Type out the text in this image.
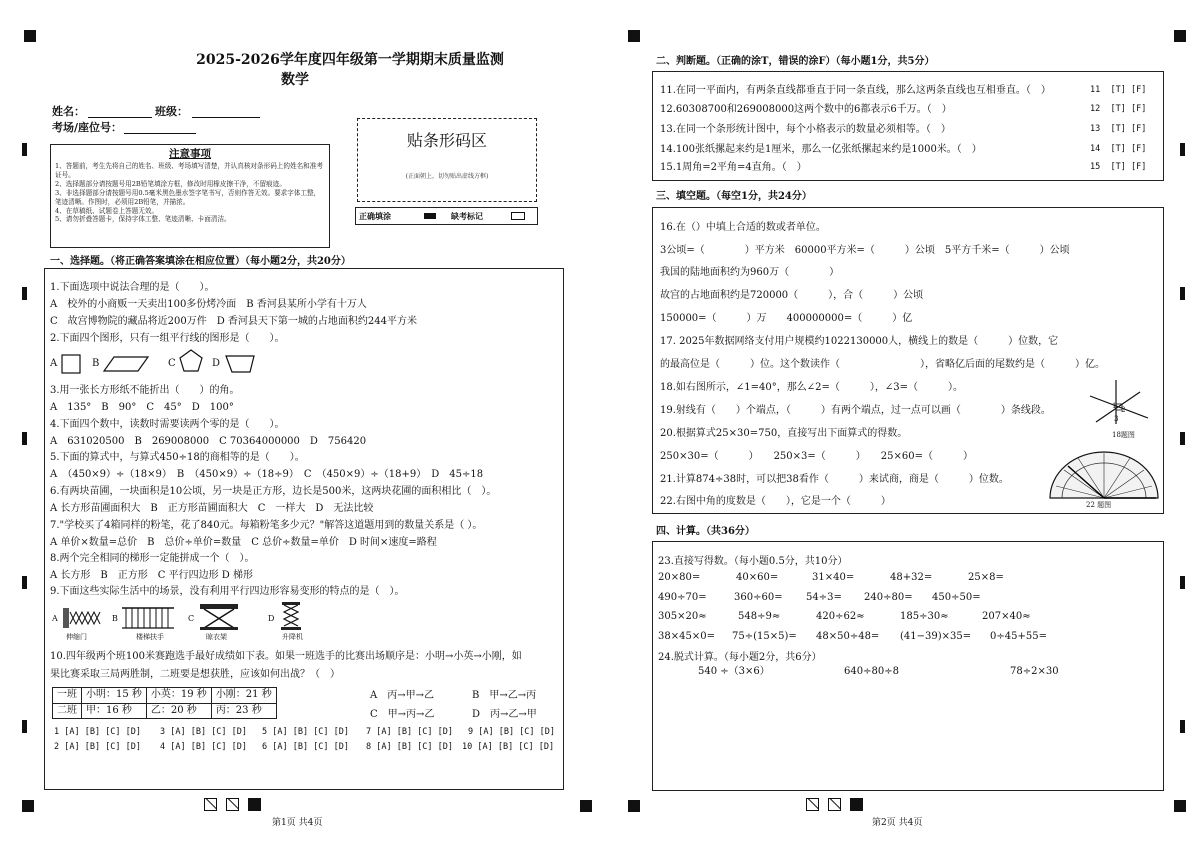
2025-2026学年度四年级第一学期期末质量监测
数学
姓名：	班级：
考场/座位号：
注意事项
1、答题前，考生先将自己的姓名、班级、考场填写清楚，并认真核对条形码上的姓名和准考证号。
2、选择题部分请按题号用2B铅笔填涂方框，修改时用橡皮擦干净，不留痕迹。
3、非选择题部分请按题号用0.5毫米黑色墨水签字笔书写，否则作答无效。要求字体工整，笔迹清晰。作图时，必须用2B铅笔，并描浓。
4、在草稿纸、试题卷上答题无效。
5、请勿折叠答题卡，保持字体工整、笔迹清晰、卡面清洁。
贴条形码区
(正面朝上，切勿贴出虚线方框)
正确填涂	缺考标记
一、选择题。（将正确答案填涂在相应位置）（每小题2分，共20分）
1.下面选项中说法合理的是（　　）。
A　校外的小商贩一天卖出100多份烤冷面　B 香河县某所小学有十万人
C　故宫博物院的藏品将近200万件　D 香河县天下第一城的占地面积约244平方米
2.下面四个图形，只有一组平行线的图形是（　　）。
A	B	C	D
3.用一张长方形纸不能折出（　　）的角。
A　135°　B　90°　C　45°　D　100°
4.下面四个数中，读数时需要读两个零的是（　　）。
A　631020500　B　269008000　C 70364000000　D　756420
5.下面的算式中，与算式450÷18的商相等的是（　　）。
A　（450×9）÷（18×9）　B　（450×9）÷（18÷9）　C　（450×9）÷（18+9）　D　45÷18
6.有两块苗圃，一块面积是10公顷，另一块是正方形，边长是500米，这两块花圃的面积相比（　）。
A 长方形苗圃面积大　B　正方形苗圃面积大　C　一样大　D　无法比较
7."学校买了4箱同样的粉笔，花了840元。每箱粉笔多少元？"解答这道题用到的数量关系是（ ）。
A 单价×数量=总价　B　总价÷单价=数量　C 总价÷数量=单价　D 时间×速度=路程
8.两个完全相同的梯形一定能拼成一个（　）。
A 长方形　B　正方形　C 平行四边形 D 梯形
9.下面这些实际生活中的场景，没有利用平行四边形容易变形的特点的是（　）。
A
伸缩门
B
楼梯扶手
C
晾衣架
D
升降机
10.四年级两个班100米赛跑选手最好成绩如下表。如果一班选手的比赛出场顺序是：小明→小英→小刚，如
果比赛采取三局两胜制，二班要是想获胜，应该如何出战？（　）
一班	小明：15 秒	小英：19 秒	小刚：21 秒
二班	甲：16 秒	乙：20 秒	丙：23 秒
A　丙→甲→乙	B　甲→乙→丙
C　甲→丙→乙	D　丙→乙→甲
1 [A] [B] [C] [D] 3 [A] [B] [C] [D] 5 [A] [B] [C] [D] 7 [A] [B] [C] [D] 9 [A] [B] [C] [D]
2 [A] [B] [C] [D] 4 [A] [B] [C] [D] 6 [A] [B] [C] [D] 8 [A] [B] [C] [D] 10 [A] [B] [C] [D]

第1页 共4页
二、判断题。（正确的涂T，错误的涂F）（每小题1分，共5分）
11.在同一平面内，有两条直线都垂直于同一条直线，那么这两条直线也互相垂直。（　）	11 [T] [F]
12.60308700和269008000这两个数中的6都表示6千万。（　）	12 [T] [F]
13.在同一个条形统计图中，每个小格表示的数量必须相等。（　）	13 [T] [F]
14.100张纸摞起来约是1厘米，那么一亿张纸摞起来约是1000米。（　）	14 [T] [F]
15.1周角=2平角=4直角。（　）	15 [T] [F]
三、填空题。（每空1分，共24分）
16.在（）中填上合适的数或者单位。
3公顷=（　　　　）平方米　60000平方米=（　　　）公顷　5平方千米=（　　　）公顷
我国的陆地面积约为960万（　　　　）
故宫的占地面积约是720000（　　　），合（　　　）公顷
150000=（　　　）万　　400000000=（　　　）亿
17. 2025年数据网络支付用户规模约1022130000人，横线上的数是（　　　）位数，它
的最高位是（　　　）位。这个数读作（　　　　　　　　），省略亿后面的尾数约是（　　　）亿。
18.如右图所示，∠1=40°，那么∠2=（　　　），∠3=（　　　）。
19.射线有（　　）个端点，（　　　）有两个端点，过一点可以画（　　　　）条线段。
20.根据算式25×30=750，直接写出下面算式的得数。
250×30=（　　　）　　250×3=（　　　）　　25×60=（　　　）
21.计算874÷38时，可以把38看作（　　　）来试商，商是（　　　）位数。
22.右图中角的度数是（　　），它是一个（　　　）
1 2
3
18题图
22 题图
四、计算。（共36分）
23.直接写得数。（每小题0.5分，共10分）
20×80=	40×60=	31×40=	48+32=	25×8=
490÷70=	360÷60= 54÷3= 240÷80= 450÷50=
305×20≈	548÷9≈	420÷62≈	185÷30≈	207×40≈
38×45×0= 75÷(15×5)= 48×50÷48= (41−39)×35= 0÷45+55=
24.脱式计算。（每小题2分，共6分）
540 ÷（3×6）	640÷80÷8	78÷2×30

第2页 共4页
